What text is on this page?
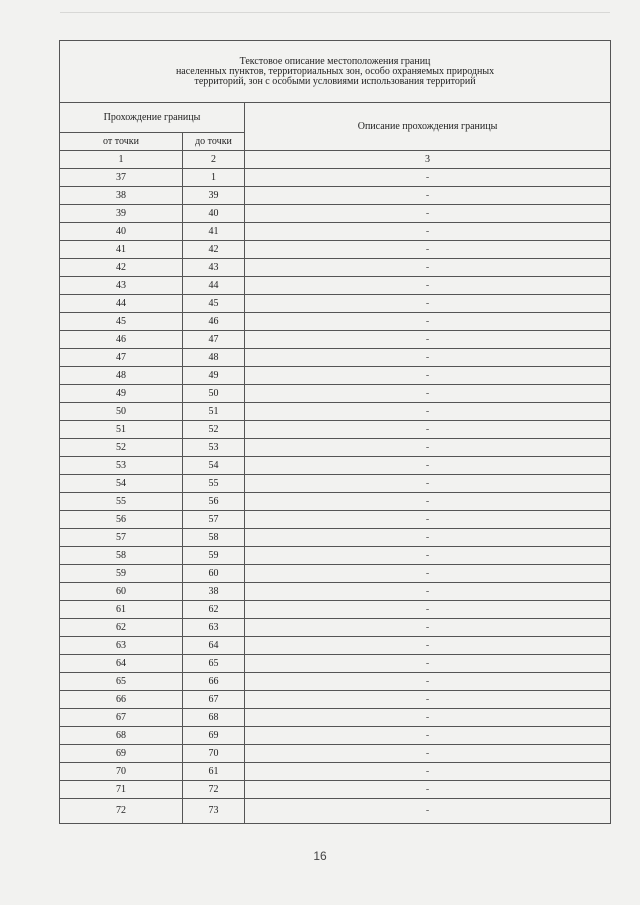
Текстовое описание местоположения границ
населенных пунктов, территориальных зон, особо охраняемых природных
территорий, зон с особыми условиями использования территорий		

Прохождение границы		Описание прохождения границы
от точки	до точки	
1	2	3
37	1	-
38	39	-
39	40	-
40	41	-
41	42	-
42	43	-
43	44	-
44	45	-
45	46	-
46	47	-
47	48	-
48	49	-
49	50	-
50	51	-
51	52	-
52	53	-
53	54	-
54	55	-
55	56	-
56	57	-
57	58	-
58	59	-
59	60	-
60	38	-
61	62	-
62	63	-
63	64	-
64	65	-
65	66	-
66	67	-
67	68	-
68	69	-
69	70	-
70	61	-
71	72	-
72	73	-
16
